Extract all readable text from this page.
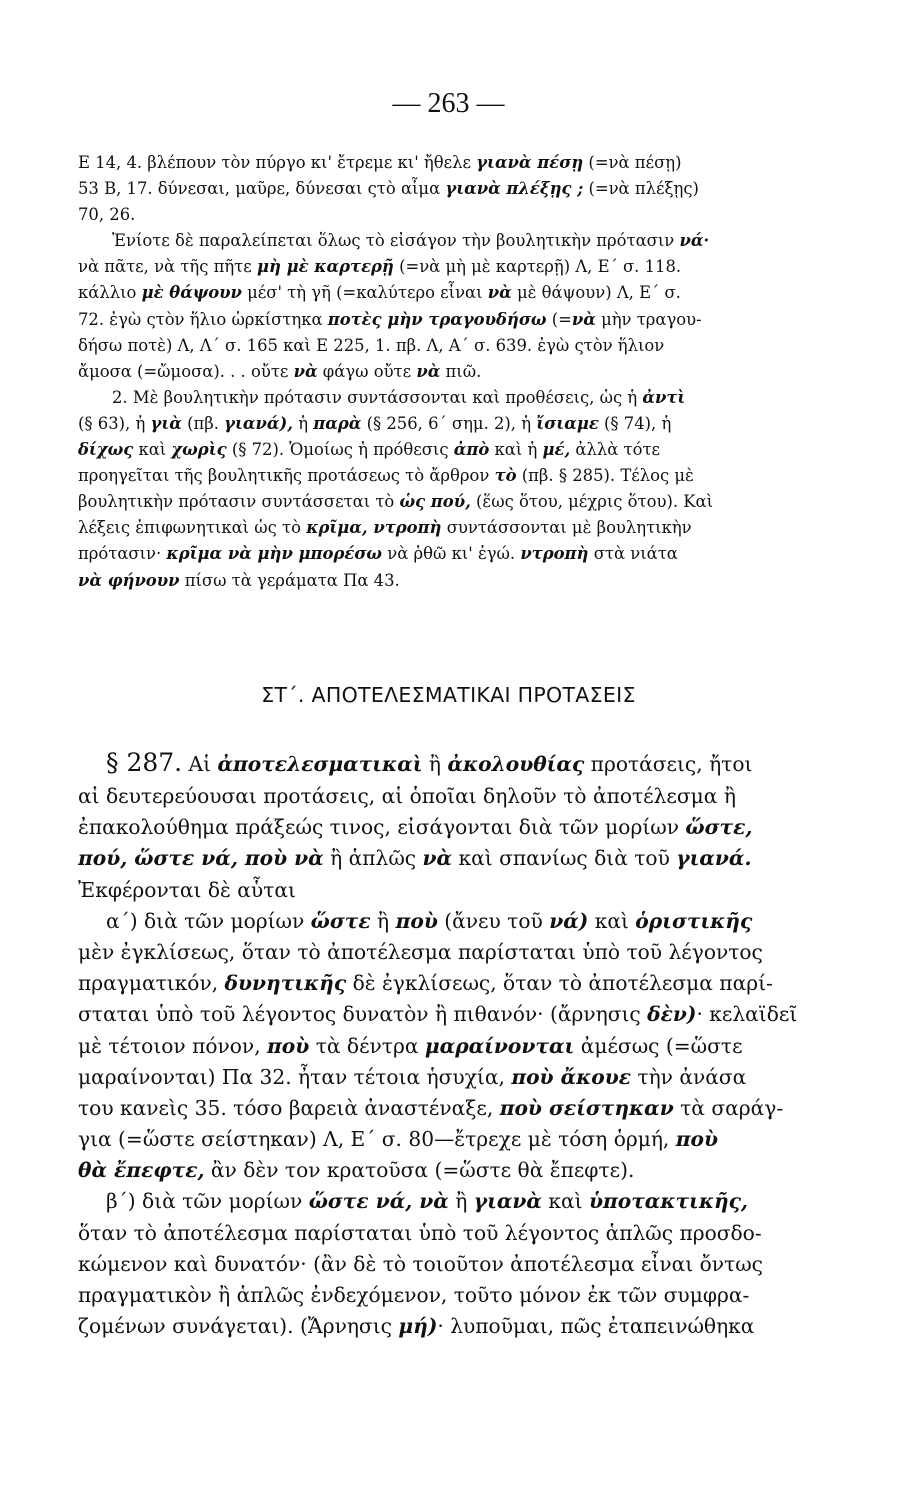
— 263 —
Ε 14, 4. βλέπουν τὸν πύργο κι' ἔτρεμε κι' ἤθελε γιανὰ πέσῃ (=νὰ πέσῃ)
53 Β, 17. δύνεσαι, μαῦρε, δύνεσαι ςτὸ αἷμα γιανὰ πλέξῃς ; (=νὰ πλέξῃς)
70, 26.
Ἐνίοτε δὲ παραλείπεται ὅλως τὸ εἰσάγον τὴν βουλητικὴν πρότασιν νά·
νὰ πᾶτε, νὰ τῆς πῆτε μὴ μὲ καρτερῇ (=νὰ μὴ μὲ καρτερῇ) Λ, Ε΄ σ. 118.
κάλλιο μὲ θάψουν μέσ' τὴ γῆ (=καλύτερο εἶναι νὰ μὲ θάψουν) Λ, Ε΄ σ.
72. ἐγὼ ςτὸν ἥλιο ὡρκίστηκα ποτὲς μὴν τραγουδήσω (=νὰ μὴν τραγου-
δήσω ποτὲ) Λ, Λ΄ σ. 165 καὶ Ε 225, 1. πβ. Λ, Α΄ σ. 639. ἐγὼ ςτὸν ἥλιον
ἄμοσα (=ὤμοσα). . . οὔτε νὰ φάγω οὔτε νὰ πιῶ.
2. Μὲ βουλητικὴν πρότασιν συντάσσονται καὶ προθέσεις, ὡς ἡ ἀντὶ
(§ 63), ἡ γιὰ (πβ. γιανά), ἡ παρὰ (§ 256, 6΄ σημ. 2), ἡ ἴσιαμε (§ 74), ἡ
δίχως καὶ χωρὶς (§ 72). Ὁμοίως ἡ πρόθεσις ἀπὸ καὶ ἡ μέ, ἀλλὰ τότε
προηγεῖται τῆς βουλητικῆς προτάσεως τὸ ἄρθρον τὸ (πβ. § 285). Τέλος μὲ
βουλητικὴν πρότασιν συντάσσεται τὸ ὡς πού, (ἕως ὅτου, μέχρις ὅτου). Καὶ
λέξεις ἐπιφωνητικαὶ ὡς τὸ κρῖμα, ντροπὴ συντάσσονται μὲ βουλητικὴν
πρότασιν· κρῖμα νὰ μὴν μπορέσω νὰ ῥθῶ κι' ἐγώ. ντροπὴ στὰ νιάτα
νὰ φήνουν πίσω τὰ γεράματα Πα 43.
ΣΤ΄. ΑΠΟΤΕΛΕΣΜΑΤΙΚΑΙ ΠΡΟΤΑΣΕΙΣ
§ 287. Αἱ ἀποτελεσματικαὶ ἢ ἀκολουθίας προτάσεις, ἤτοι
αἱ δευτερεύουσαι προτάσεις, αἱ ὁποῖαι δηλοῦν τὸ ἀποτέλεσμα ἢ
ἐπακολούθημα πράξεώς τινος, εἰσάγονται διὰ τῶν μορίων ὥστε,
πού, ὥστε νά, ποὺ νὰ ἢ ἁπλῶς νὰ καὶ σπανίως διὰ τοῦ γιανά.
Ἐκφέρονται δὲ αὗται
α΄) διὰ τῶν μορίων ὥστε ἢ ποὺ (ἄνευ τοῦ νά) καὶ ὁριστικῆς
μὲν ἐγκλίσεως, ὅταν τὸ ἀποτέλεσμα παρίσταται ὑπὸ τοῦ λέγοντος
πραγματικόν, δυνητικῆς δὲ ἐγκλίσεως, ὅταν τὸ ἀποτέλεσμα παρί-
σταται ὑπὸ τοῦ λέγοντος δυνατὸν ἢ πιθανόν· (ἄρνησις δὲν)· κελαϊδεῖ
μὲ τέτοιον πόνον, ποὺ τὰ δέντρα μαραίνονται ἀμέσως (=ὥστε
μαραίνονται) Πα 32. ἦταν τέτοια ἡσυχία, ποὺ ἄκουε τὴν ἀνάσα
του κανεὶς 35. τόσο βαρειὰ ἀναστέναξε, ποὺ σείστηκαν τὰ σαράγ-
για (=ὥστε σείστηκαν) Λ, Ε΄ σ. 80—ἔτρεχε μὲ τόση ὁρμή, ποὺ
θὰ ἔπεφτε, ἂν δὲν τον κρατοῦσα (=ὥστε θὰ ἔπεφτε).
β΄) διὰ τῶν μορίων ὥστε νά, νὰ ἢ γιανὰ καὶ ὑποτακτικῆς,
ὅταν τὸ ἀποτέλεσμα παρίσταται ὑπὸ τοῦ λέγοντος ἁπλῶς προσδο-
κώμενον καὶ δυνατόν· (ἂν δὲ τὸ τοιοῦτον ἀποτέλεσμα εἶναι ὄντως
πραγματικὸν ἢ ἁπλῶς ἐνδεχόμενον, τοῦτο μόνον ἐκ τῶν συμφρα-
ζομένων συνάγεται). (Ἄρνησις μή)· λυποῦμαι, πῶς ἐταπεινώθηκα
